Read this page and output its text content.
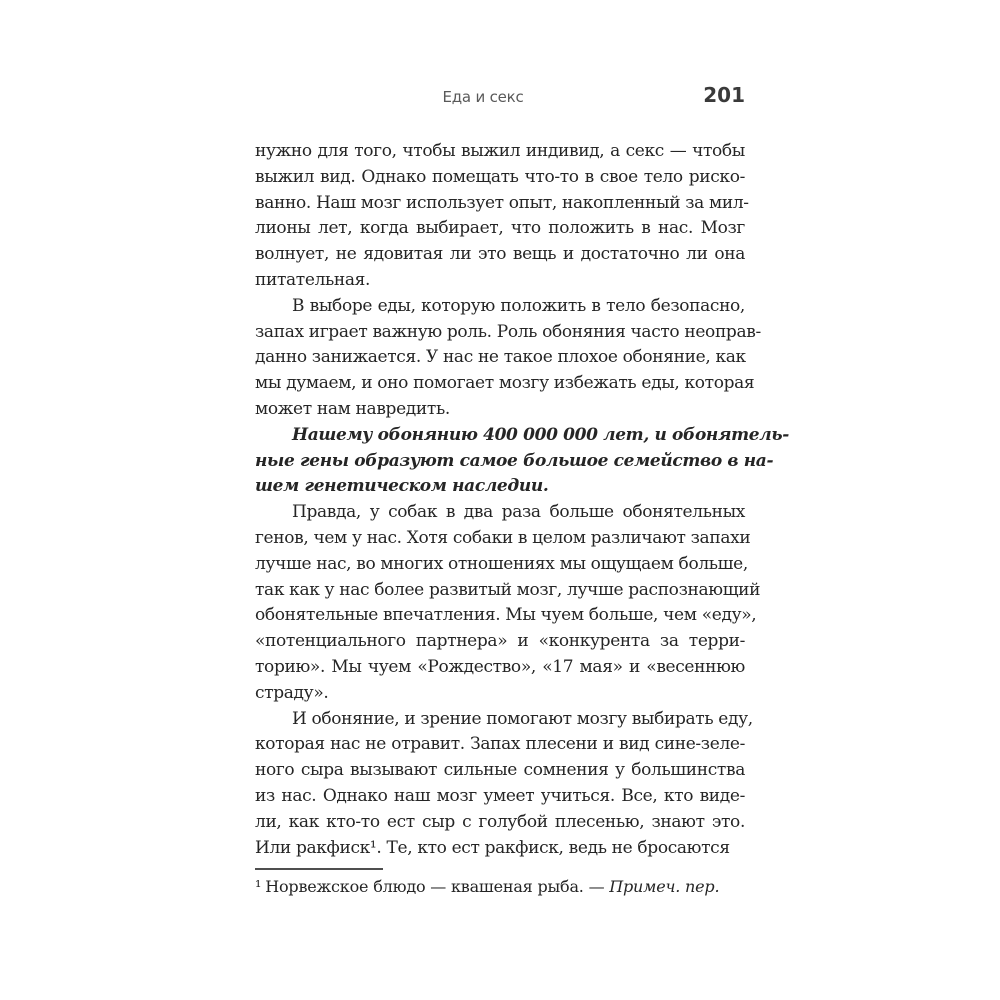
Еда и секс	201
нужно для того, чтобы выжил индивид, а секс — чтобы
выжил вид. Однако помещать что-то в свое тело риско-
ванно. Наш мозг использует опыт, накопленный за мил-
лионы лет, когда выбирает, что положить в нас. Мозг
волнует, не ядовитая ли это вещь и достаточно ли она
питательная.
В выборе еды, которую положить в тело безопасно,
запах играет важную роль. Роль обоняния часто неоправ-
данно занижается. У нас не такое плохое обоняние, как
мы думаем, и оно помогает мозгу избежать еды, которая
может нам навредить.
Нашему обонянию 400 000 000 лет, и обонятель-
ные гены образуют самое большое семейство в на-
шем генетическом наследии.
Правда, у собак в два раза больше обонятельных
генов, чем у нас. Хотя собаки в целом различают запахи
лучше нас, во многих отношениях мы ощущаем больше,
так как у нас более развитый мозг, лучше распознающий
обонятельные впечатления. Мы чуем больше, чем «еду»,
«потенциального партнера» и «конкурента за терри-
торию». Мы чуем «Рождество», «17 мая» и «весеннюю
страду».
И обоняние, и зрение помогают мозгу выбирать еду,
которая нас не отравит. Запах плесени и вид сине-зеле-
ного сыра вызывают сильные сомнения у большинства
из нас. Однако наш мозг умеет учиться. Все, кто виде-
ли, как кто-то ест сыр с голубой плесенью, знают это.
Или ракфиск¹. Те, кто ест ракфиск, ведь не бросаются
¹ Норвежское блюдо — квашеная рыба. — Примеч. пер.
